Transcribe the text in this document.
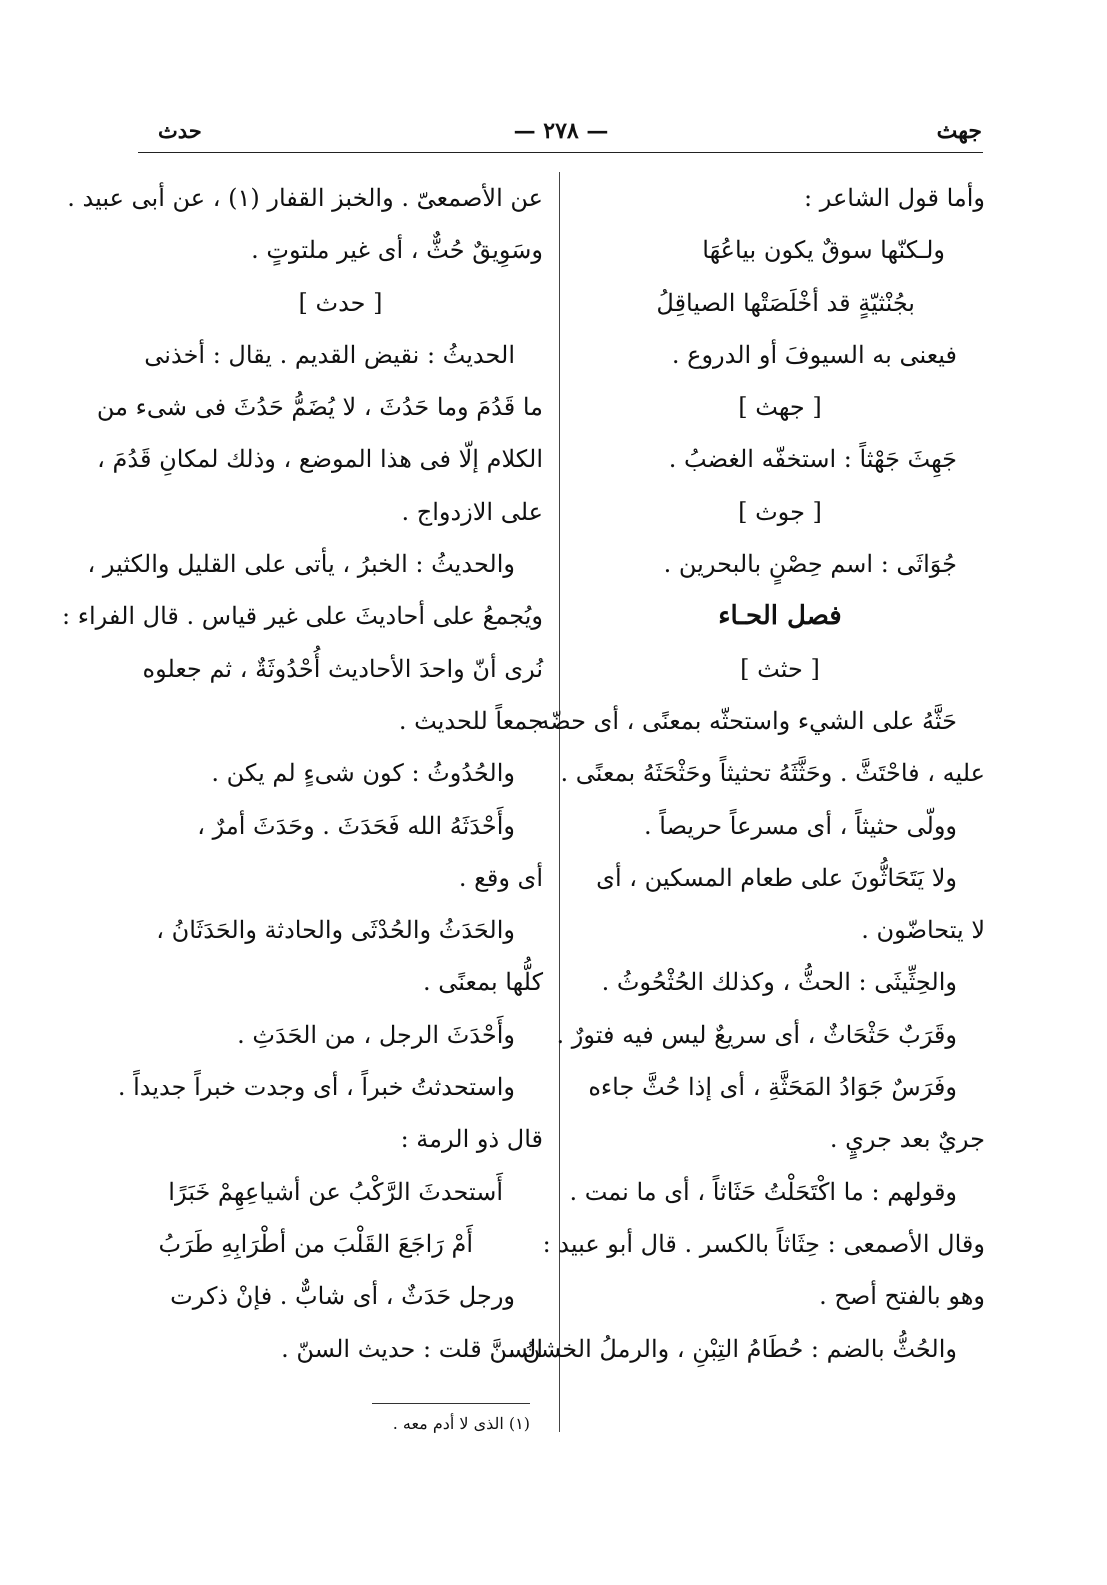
جهث
— ٢٧٨ —
حدث
وأما قول الشاعر :
ولـكنّها سوقٌ يكون بياعُهَا
بجُنْثيّةٍ قد أخْلَصَتْها الصياقِلُ
فيعنى به السيوفَ أو الدروع .
[ جهث ]
جَهِثَ جَهْثاً : استخفّه الغضبُ .
[ جوث ]
جُوَاثَى : اسم حِصْنٍ بالبحرين .
فصل الحـاء
[ حثث ]
حَثَّهُ على الشيء واستحثّه بمعنًى ، أى حضّه
عليه ، فاحْتَثَّ . وحَثَّثَهُ تحثيثاً وحَثْحَثَهُ بمعنًى .
وولّى حثيثاً ، أى مسرعاً حريصاً .
ولا يَتَحَاثُّونَ على طعام المسكين ، أى
لا يتحاضّون .
والحِثِّيثَى : الحثُّ ، وكذلك الحُثْحُوثُ .
وقَرَبٌ حَثْحَاثٌ ، أى سريعٌ ليس فيه فتورٌ .
وفَرَسٌ جَوَادُ المَحَثَّةِ ، أى إذا حُثَّ جاءه
جريٌ بعد جريٍ .
وقولهم : ما اكْتَحَلْتُ حَثَاثاً ، أى ما نمت .
وقال الأصمعى : حِثَاثاً بالكسر . قال أبو عبيد :
وهو بالفتح أصح .
والحُثُّ بالضم : حُطَامُ التِبْنِ ، والرملُ الخشنُ .
عن الأصمعىّ . والخبز القفار (١) ، عن أبى عبيد .
وسَوِيقٌ حُثٌّ ، أى غير ملتوتٍ .
[ حدث ]
الحديثُ : نقيض القديم . يقال : أخذنى
ما قَدُمَ وما حَدُثَ ، لا يُضَمُّ حَدُثَ فى شىء من
الكلام إلّا فى هذا الموضع ، وذلك لمكانِ قَدُمَ ،
على الازدواج .
والحديثُ : الخبرُ ، يأتى على القليل والكثير ،
ويُجمعُ على أحاديثَ على غير قياس . قال الفراء :
نُرى أنّ واحدَ الأحاديث أُحْدُوثَةٌ ، ثم جعلوه
جمعاً للحديث .
والحُدُوثُ : كون شىءٍ لم يكن .
وأَحْدَثَهُ الله فَحَدَثَ . وحَدَثَ أمرٌ ،
أى وقع .
والحَدَثُ والحُدْثَى والحادثة والحَدَثَانُ ،
كلُّها بمعنًى .
وأَحْدَثَ الرجل ، من الحَدَثِ .
واستحدثتُ خبراً ، أى وجدت خبراً جديداً .
قال ذو الرمة :
أَستحدثَ الرَّكْبُ عن أشياعِهِمْ خَبَرًا
أَمْ رَاجَعَ القَلْبَ من أطْرَابِهِ طَرَبُ
ورجل حَدَثٌ ، أى شابٌّ . فإنْ ذكرت
السنَّ قلت : حديث السنّ .
(١) الذى لا أدم معه .
